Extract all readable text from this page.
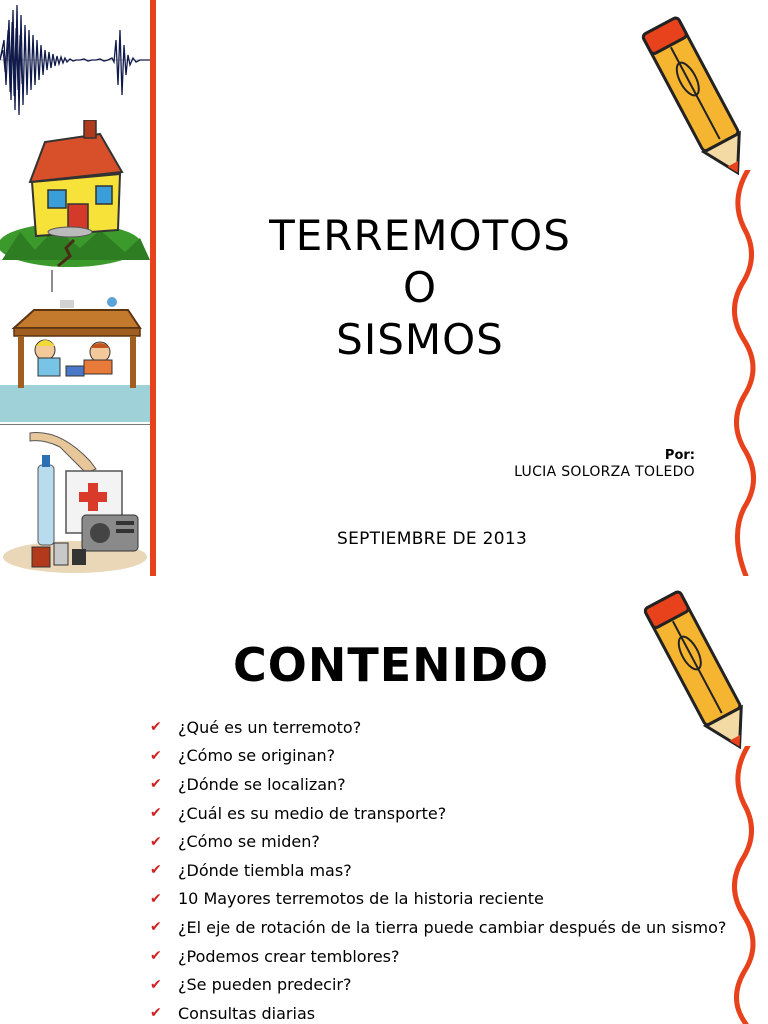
TERREMOTOS
O
SISMOS
Por:
LUCIA SOLORZA TOLEDO
SEPTIEMBRE DE 2013
CONTENIDO
✔	¿Qué es un terremoto?
✔	¿Cómo se originan?
✔	¿Dónde se localizan?
✔	¿Cuál es su medio de transporte?
✔	¿Cómo se miden?
✔	¿Dónde tiembla mas?
✔	10 Mayores terremotos de la historia reciente
✔	¿El eje de rotación de la tierra puede cambiar después de un sismo?
✔	¿Podemos crear temblores?
✔	¿Se pueden predecir?
✔	Consultas diarias
